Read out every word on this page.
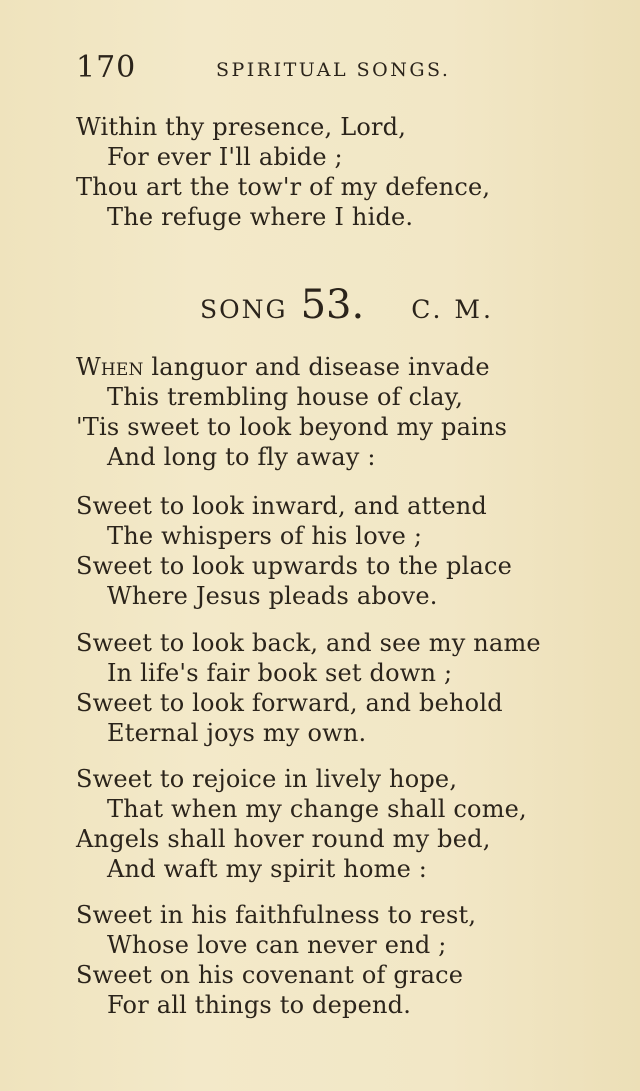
170	SPIRITUAL SONGS.
Within thy presence, Lord,
For ever I'll abide ;
Thou art the tow'r of my defence,
The refuge where I hide.
SONG 53. C. M.
When languor and disease invade
This trembling house of clay,
'Tis sweet to look beyond my pains
And long to fly away :
Sweet to look inward, and attend
The whispers of his love ;
Sweet to look upwards to the place
Where Jesus pleads above.
Sweet to look back, and see my name
In life's fair book set down ;
Sweet to look forward, and behold
Eternal joys my own.
Sweet to rejoice in lively hope,
That when my change shall come,
Angels shall hover round my bed,
And waft my spirit home :
Sweet in his faithfulness to rest,
Whose love can never end ;
Sweet on his covenant of grace
For all things to depend.
